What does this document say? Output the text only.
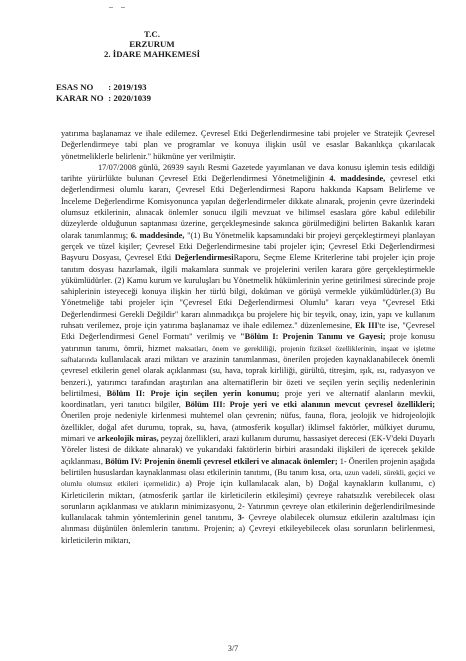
– –
T.C.
ERZURUM
2. İDARE MAHKEMESİ
ESAS NO : 2019/193
KARAR NO : 2020/1039

yatırıma başlanamaz ve ihale edilemez. Çevresel Etki Değerlendirmesine tabi projeler ve Stratejik Çevresel Değerlendirmeye tabi plan ve programlar ve konuya ilişkin usûl ve esaslar Bakanlıkça çıkarılacak yönetmeliklerle belirlenir." hükmüne yer verilmiştir.

17/07/2008 günlü, 26939 sayılı Resmi Gazetede yayımlanan ve dava konusu işlemin tesis edildiği tarihte yürürlükte bulunan Çevresel Etki Değerlendirmesi Yönetmeliğinin 4. maddesinde, çevresel etki değerlendirmesi olumlu kararı, Çevresel Etki Değerlendirmesi Raporu hakkında Kapsam Belirleme ve İnceleme Değerlendirme Komisyonunca yapılan değerlendirmeler dikkate alınarak, projenin çevre üzerindeki olumsuz etkilerinin, alınacak önlemler sonucu ilgili mevzuat ve bilimsel esaslara göre kabul edilebilir düzeylerde olduğunun saptanması üzerine, gerçekleşmesinde sakınca görülmediğini belirten Bakanlık kararı olarak tanımlanmış; 6. maddesinde, "(1) Bu Yönetmelik kapsamındaki bir projeyi gerçekleştirmeyi planlayan gerçek ve tüzel kişiler; Çevresel Etki Değerlendirmesine tabi projeler için; Çevresel Etki Değerlendirmesi Başvuru Dosyası, Çevresel Etki DeğerlendirmesiRaporu, Seçme Eleme Kriterlerine tabi projeler için proje tanıtım dosyası hazırlamak, ilgili makamlara sunmak ve projelerini verilen karara göre gerçekleştirmekle yükümlüdürler. (2) Kamu kurum ve kuruluşları bu Yönetmelik hükümlerinin yerine getirilmesi sürecinde proje sahiplerinin isteyeceği konuya ilişkin her türlü bilgi, doküman ve görüşü vermekle yükümlüdürler.(3) Bu Yönetmeliğe tabi projeler için "Çevresel Etki Değerlendirmesi Olumlu" kararı veya "Çevresel Etki Değerlendirmesi Gerekli Değildir" kararı alınmadıkça bu projelere hiç bir teşvik, onay, izin, yapı ve kullanım ruhsatı verilemez, proje için yatırıma başlanamaz ve ihale edilemez." düzenlemesine, Ek III'te ise, "Çevresel Etki Değerlendirmesi Genel Formatı" verilmiş ve "Bölüm I: Projenin Tanımı ve Gayesi; proje konusu yatırımın tanımı, ömrü, hizmet maksatları, önem ve gerekliliği, projenin fiziksel özelliklerinin, inşaat ve işletme safhalarında kullanılacak arazi miktarı ve arazinin tanımlanması, önerilen projeden kaynaklanabilecek önemli çevresel etkilerin genel olarak açıklanması (su, hava, toprak kirliliği, gürültü, titreşim, ışık, ısı, radyasyon ve benzeri.), yatırımcı tarafından araştırılan ana alternatiflerin bir özeti ve seçilen yerin seçiliş nedenlerinin belirtilmesi, Bölüm II: Proje için seçilen yerin konumu; proje yeri ve alternatif alanların mevkii, koordinatları, yeri tanıtıcı bilgiler, Bölüm III: Proje yeri ve etki alanının mevcut çevresel özellikleri; Önerilen proje nedeniyle kirlenmesi muhtemel olan çevrenin; nüfus, fauna, flora, jeolojik ve hidrojeolojik özellikler, doğal afet durumu, toprak, su, hava, (atmosferik koşullar) iklimsel faktörler, mülkiyet durumu, mimari ve arkeolojik miras, peyzaj özellikleri, arazi kullanım durumu, hassasiyet derecesi (EK-V'deki Duyarlı Yöreler listesi de dikkate alınarak) ve yukarıdaki faktörlerin birbiri arasındaki ilişkileri de içerecek şekilde açıklanması, Bölüm IV: Projenin önemli çevresel etkileri ve alınacak önlemler; 1- Önerilen projenin aşağıda belirtilen hususlardan kaynaklanması olası etkilerinin tanıtımı, (Bu tanım kısa, orta, uzun vadeli, sürekli, geçici ve olumlu olumsuz etkileri içermelidir.) a) Proje için kullanılacak alan, b) Doğal kaynakların kullanımı, c) Kirleticilerin miktarı, (atmosferik şartlar ile kirleticilerin etkileşimi) çevreye rahatsızlık verebilecek olası sorunların açıklanması ve atıkların minimizasyonu, 2- Yatırımın çevreye olan etkilerinin değerlendirilmesinde kullanılacak tahmin yöntemlerinin genel tanıtımı, 3- Çevreye olabilecek olumsuz etkilerin azaltılması için alınması düşünülen önlemlerin tanıtımı. Projenin; a) Çevreyi etkileyebilecek olası sorunların belirlenmesi, kirleticilerin miktarı,

3/7
